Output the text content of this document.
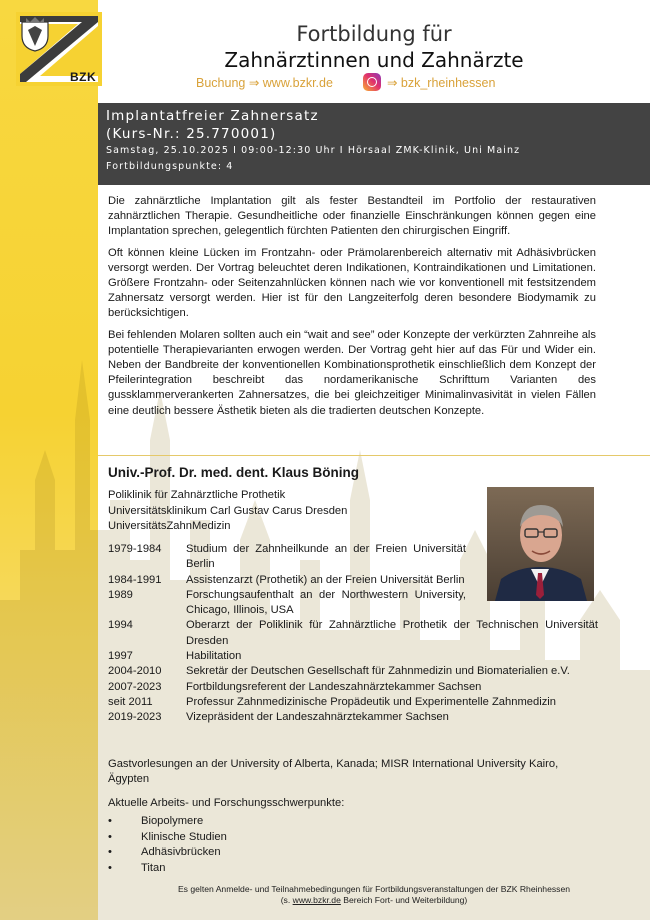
BZK
Fortbildung für
Zahnärztinnen und Zahnärzte
Buchung ⇒ www.bzkr.de	⇒ bzk_rheinhessen
Implantatfreier Zahnersatz
(Kurs-Nr.: 25.770001)
Samstag, 25.10.2025 I 09:00-12:30 Uhr I Hörsaal ZMK-Klinik, Uni Mainz
Fortbildungspunkte: 4

Die zahnärztliche Implantation gilt als fester Bestandteil im Portfolio der restaurativen zahnärztlichen Therapie. Gesundheitliche oder finanzielle Einschränkungen können gegen eine Implantation sprechen, gelegentlich fürchten Patienten den chirurgischen Eingriff.

Oft können kleine Lücken im Frontzahn- oder Prämolarenbereich alternativ mit Adhäsivbrücken versorgt werden. Der Vortrag beleuchtet deren Indikationen, Kontraindikationen und Limitationen. Größere Frontzahn- oder Seitenzahnlücken können nach wie vor konventionell mit festsitzendem Zahnersatz versorgt werden. Hier ist für den Langzeiterfolg deren besondere Biodymamik zu berücksichtigen.

Bei fehlenden Molaren sollten auch ein “wait and see” oder Konzepte der verkürzten Zahnreihe als potentielle Therapievarianten erwogen werden. Der Vortrag geht hier auf das Für und Wider ein. Neben der Bandbreite der konventionellen Kombinationsprothetik einschließlich dem Konzept der Pfeilerintegration beschreibt das nordamerikanische Schrifttum Varianten des gussklammerverankerten Zahnersatzes, die bei gleichzeitiger Minimalinvasivität in vielen Fällen eine deutlich bessere Ästhetik bieten als die tradierten deutschen Konzepte.

Univ.-Prof. Dr. med. dent. Klaus Böning
Poliklinik für Zahnärztliche Prothetik
Universitätsklinikum Carl Gustav Carus Dresden
UniversitätsZahnMedizin
1979-1984	Studium der Zahnheilkunde an der Freien Universität Berlin
1984-1991	Assistenzarzt (Prothetik) an der Freien Universität Berlin
1989	Forschungsaufenthalt an der Northwestern University, Chicago, Illinois, USA
1994	Oberarzt der Poliklinik für Zahnärztliche Prothetik der Technischen Universität Dresden
1997	Habilitation
2004-2010	Sekretär der Deutschen Gesellschaft für Zahnmedizin und Biomaterialien e.V.
2007-2023	Fortbildungsreferent der Landeszahnärztekammer Sachsen
seit 2011	Professur Zahnmedizinische Propädeutik und Experimentelle Zahnmedizin
2019-2023	Vizepräsident der Landeszahnärztekammer Sachsen
Gastvorlesungen an der University of Alberta, Kanada; MISR International University Kairo, Ägypten
Aktuelle Arbeits- und Forschungsschwerpunkte:
•	Biopolymere
•	Klinische Studien
•	Adhäsivbrücken
•	Titan
Es gelten Anmelde- und Teilnahmebedingungen für Fortbildungsveranstaltungen der BZK Rheinhessen
(s. www.bzkr.de Bereich Fort- und Weiterbildung)
